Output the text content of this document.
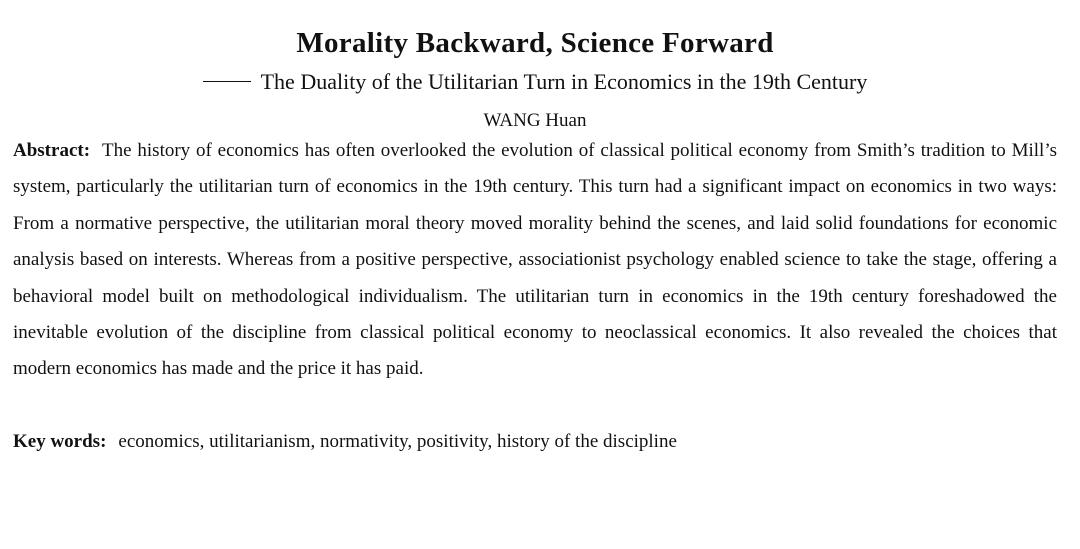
Morality Backward, Science Forward
The Duality of the Utilitarian Turn in Economics in the 19th Century
WANG Huan
Abstract: The history of economics has often overlooked the evolution of classical political economy from Smith’s tradition to Mill’s system, particularly the utilitarian turn of economics in the 19th century. This turn had a significant impact on economics in two ways: From a normative perspective, the utilitarian moral theory moved morality behind the scenes, and laid solid foundations for economic analysis based on interests. Whereas from a positive perspective, associationist psychology enabled science to take the stage, offering a behavioral model built on methodological individualism. The utilitarian turn in economics in the 19th century foreshadowed the inevitable evolution of the discipline from classical political economy to neoclassical economics. It also revealed the choices that modern economics has made and the price it has paid.
Key words: economics, utilitarianism, normativity, positivity, history of the discipline
